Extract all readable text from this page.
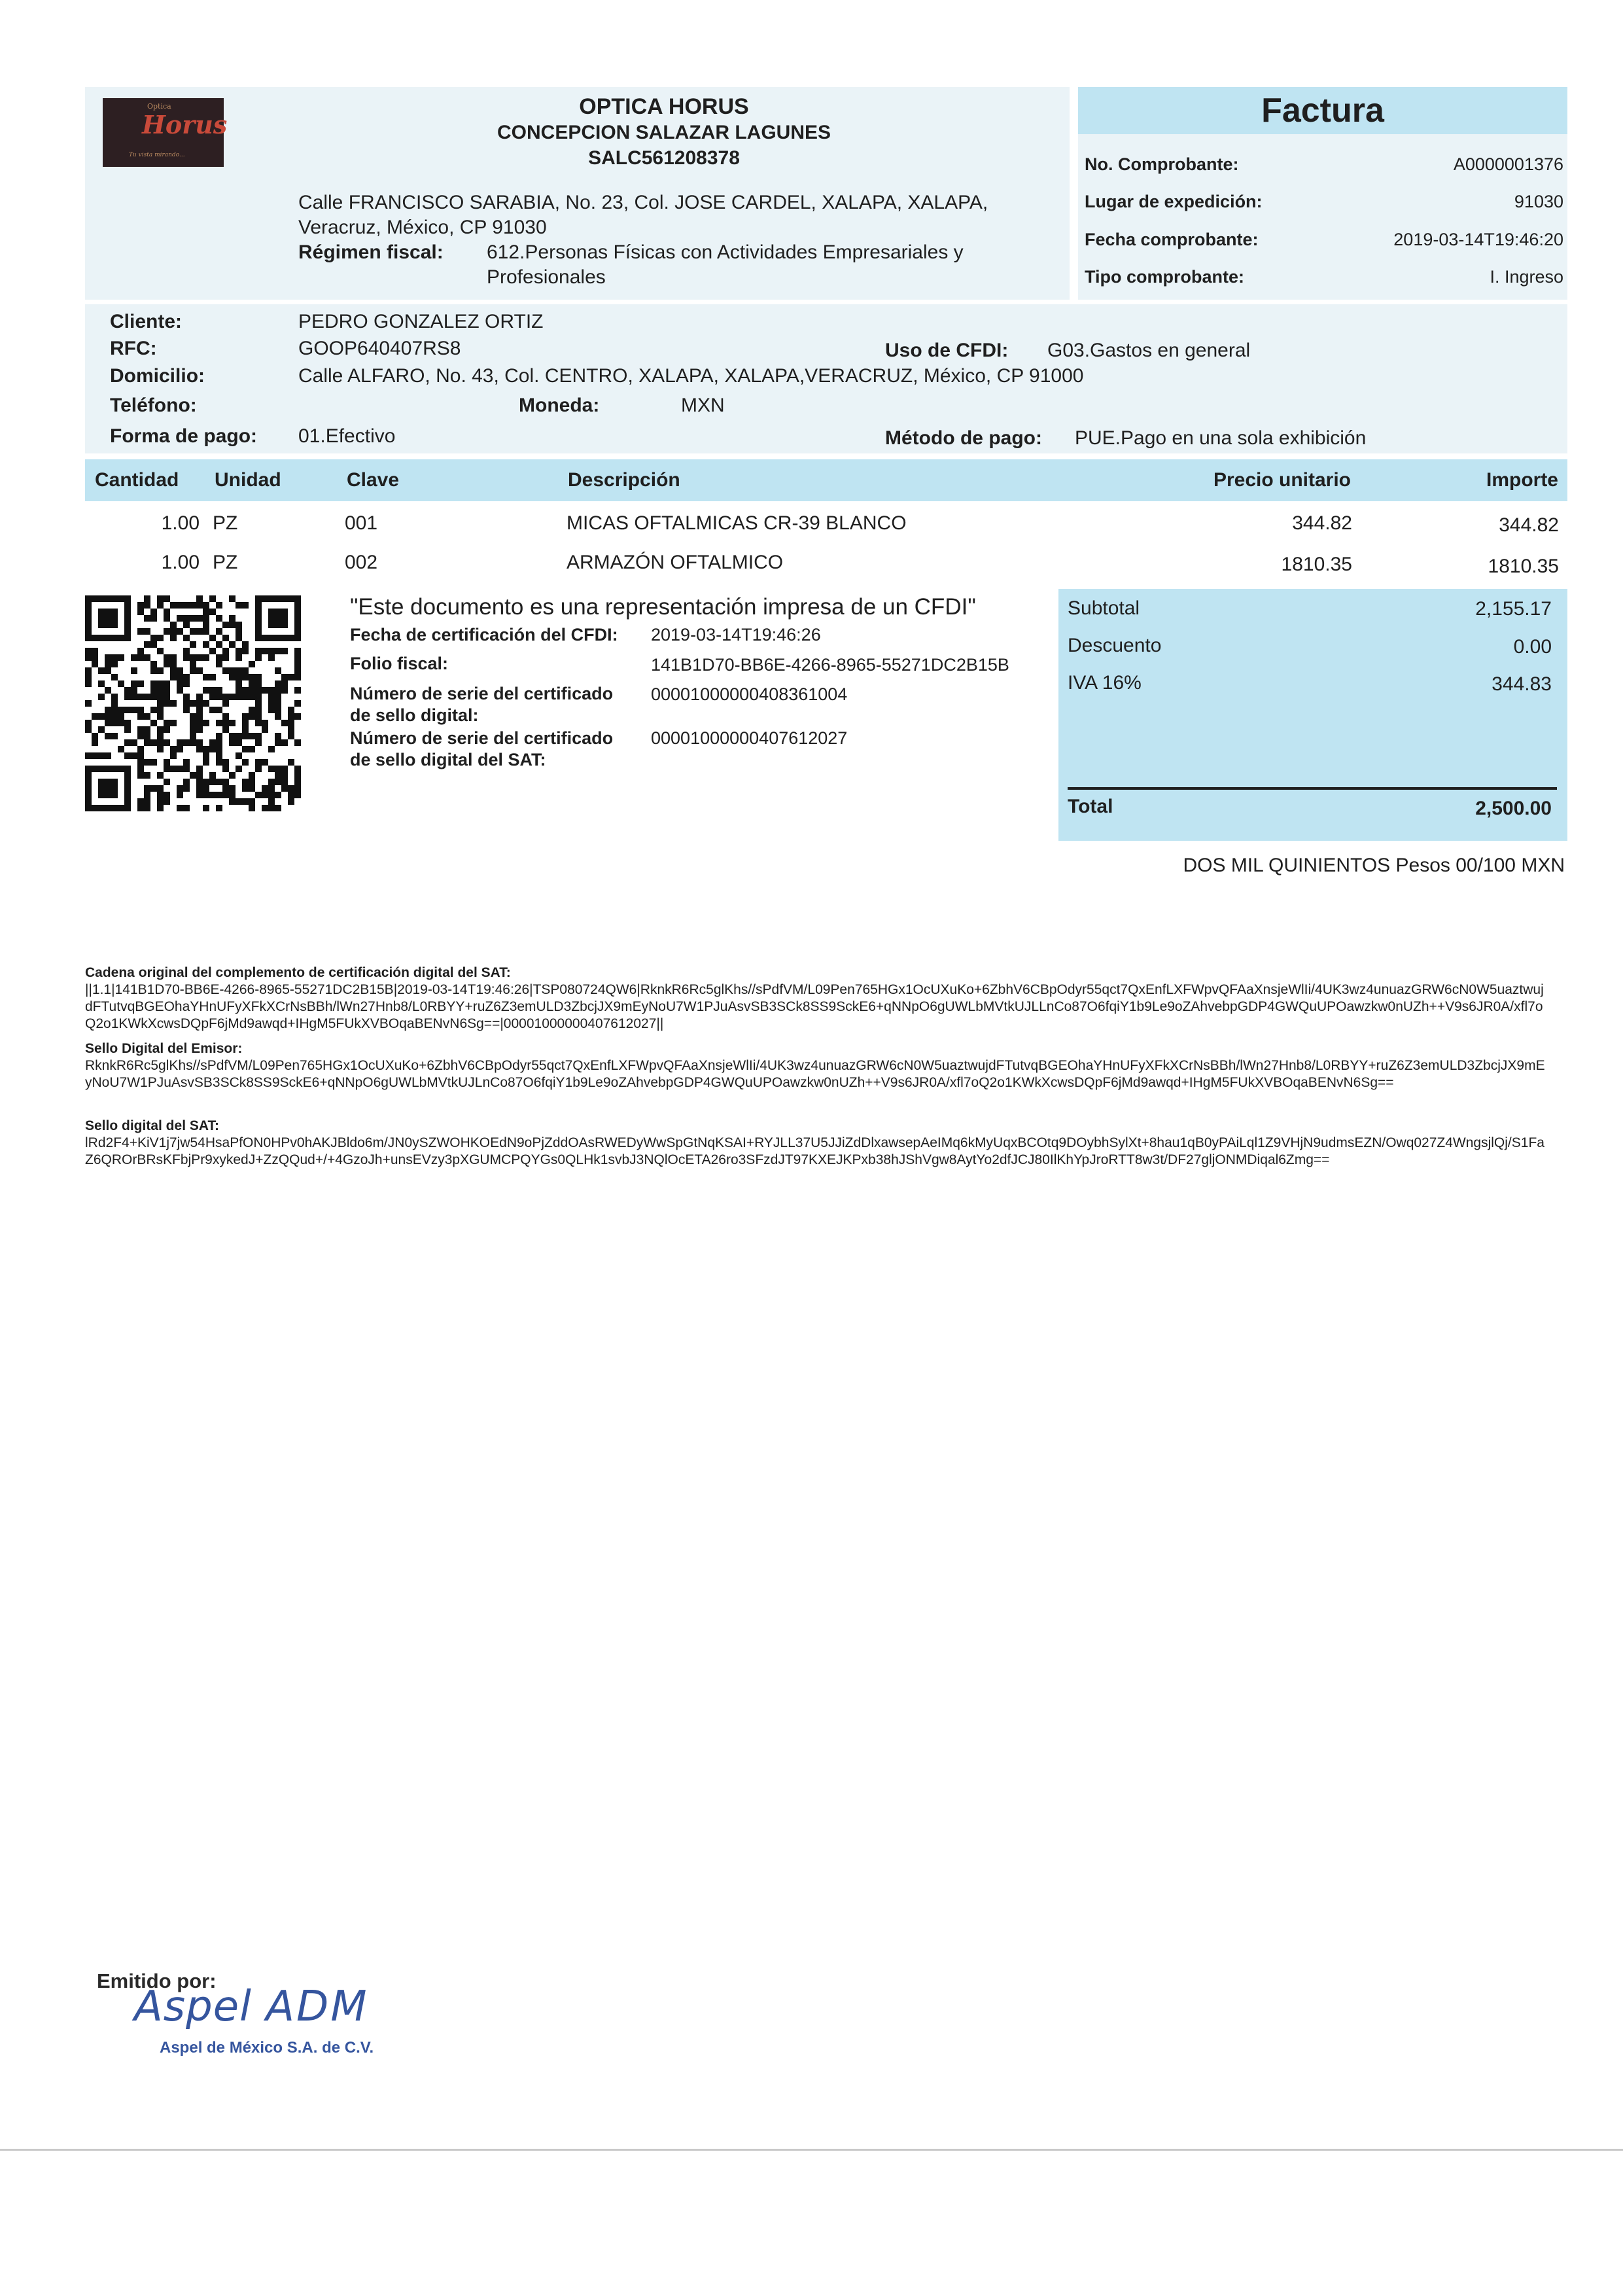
Optica
Horus
Tu vista mirando...
OPTICA HORUS
CONCEPCION SALAZAR LAGUNES
SALC561208378
Calle FRANCISCO SARABIA, No. 23, Col. JOSE CARDEL, XALAPA, XALAPA,
Veracruz, México, CP 91030
Régimen fiscal:	612.Personas Físicas con Actividades Empresariales y
Profesionales
Factura
No. Comprobante:	A0000001376
Lugar de expedición:	91030
Fecha comprobante:	2019-03-14T19:46:20
Tipo comprobante:	I. Ingreso
Cliente:	PEDRO GONZALEZ ORTIZ
RFC:	GOOP640407RS8	Uso de CFDI:	G03.Gastos en general
Domicilio:	Calle ALFARO, No. 43, Col. CENTRO, XALAPA, XALAPA,VERACRUZ, México, CP 91000
Teléfono:	Moneda:	MXN
Forma de pago:	01.Efectivo	Método de pago:	PUE.Pago en una sola exhibición
Cantidad	Unidad	Clave	Descripción	Precio unitario	Importe
1.00 PZ	001	MICAS OFTALMICAS CR-39 BLANCO	344.82	344.82
1.00 PZ	002	ARMAZÓN OFTALMICO	1810.35	1810.35
"Este documento es una representación impresa de un CFDI"
Fecha de certificación del CFDI:	2019-03-14T19:46:26
Folio fiscal:	141B1D70-BB6E-4266-8965-55271DC2B15B
Número de serie del certificado de sello digital:
00001000000408361004
Número de serie del certificado de sello digital del SAT:
00001000000407612027
Subtotal	2,155.17
Descuento	0.00
IVA 16%	344.83
Total	2,500.00
DOS MIL QUINIENTOS Pesos 00/100 MXN
Cadena original del complemento de certificación digital del SAT:
||1.1|141B1D70-BB6E-4266-8965-55271DC2B15B|2019-03-14T19:46:26|TSP080724QW6|RknkR6Rc5glKhs//sPdfVM/L09Pen765HGx1OcUXuKo+6ZbhV6CBpOdyr55qct7QxEnfLXFWpvQFAaXnsjeWlIi/4UK3wz4unuazGRW6cN0W5uaztwujdFTutvqBGEOhaYHnUFyXFkXCrNsBBh/lWn27Hnb8/L0RBYY+ruZ6Z3emULD3ZbcjJX9mEyNoU7W1PJuAsvSB3SCk8SS9SckE6+qNNpO6gUWLbMVtkUJLLnCo87O6fqiY1b9Le9oZAhvebpGDP4GWQuUPOawzkw0nUZh++V9s6JR0A/xfl7oQ2o1KWkXcwsDQpF6jMd9awqd+IHgM5FUkXVBOqaBENvN6Sg==|00001000000407612027||
Sello Digital del Emisor:
RknkR6Rc5glKhs//sPdfVM/L09Pen765HGx1OcUXuKo+6ZbhV6CBpOdyr55qct7QxEnfLXFWpvQFAaXnsjeWlIi/4UK3wz4unuazGRW6cN0W5uaztwujdFTutvqBGEOhaYHnUFyXFkXCrNsBBh/lWn27Hnb8/L0RBYY+ruZ6Z3emULD3ZbcjJX9mEyNoU7W1PJuAsvSB3SCk8SS9SckE6+qNNpO6gUWLbMVtkUJLnCo87O6fqiY1b9Le9oZAhvebpGDP4GWQuUPOawzkw0nUZh++V9s6JR0A/xfl7oQ2o1KWkXcwsDQpF6jMd9awqd+IHgM5FUkXVBOqaBENvN6Sg==
Sello digital del SAT:
lRd2F4+KiV1j7jw54HsaPfON0HPv0hAKJBldo6m/JN0ySZWOHKOEdN9oPjZddOAsRWEDyWwSpGtNqKSAI+RYJLL37U5JJiZdDlxawsepAeIMq6kMyUqxBCOtq9DOybhSylXt+8hau1qB0yPAiLql1Z9VHjN9udmsEZN/Owq027Z4WngsjlQj/S1FaZ6QROrBRsKFbjPr9xykedJ+ZzQQud+/+4GzoJh+unsEVzy3pXGUMCPQYGs0QLHk1svbJ3NQlOcETA26ro3SFzdJT97KXEJKPxb38hJShVgw8AytYo2dfJCJ80IlKhYpJroRTT8w3t/DF27gljONMDiqal6Zmg==
Emitido por:
Aspel ADM
Aspel de México S.A. de C.V.
